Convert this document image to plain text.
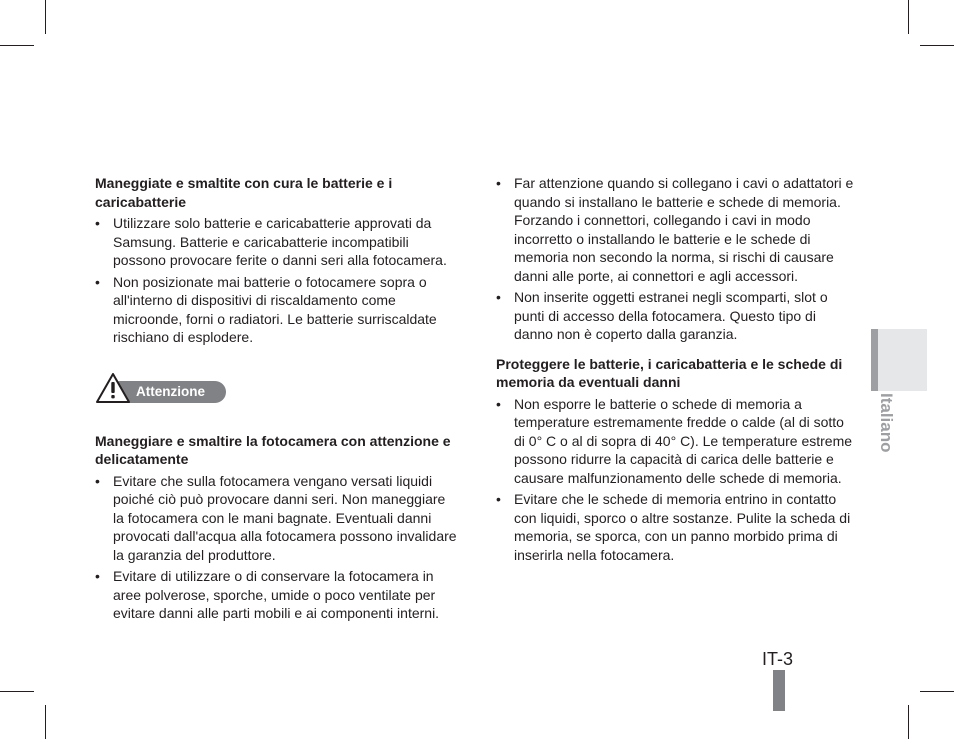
Maneggiate e smaltite con cura le batterie e i caricabatterie
• Utilizzare solo batterie e caricabatterie approvati da Samsung. Batterie e caricabatterie incompatibili possono provocare ferite o danni seri alla fotocamera.
• Non posizionate mai batterie o fotocamere sopra o all'interno di dispositivi di riscaldamento come microonde, forni o radiatori. Le batterie surriscaldate rischiano di esplodere.
Attenzione
Maneggiare e smaltire la fotocamera con attenzione e delicatamente
• Evitare che sulla fotocamera vengano versati liquidi poiché ciò può provocare danni seri. Non maneggiare la fotocamera con le mani bagnate. Eventuali danni provocati dall'acqua alla fotocamera possono invalidare la garanzia del produttore.
• Evitare di utilizzare o di conservare la fotocamera in aree polverose, sporche, umide o poco ventilate per evitare danni alle parti mobili e ai componenti interni.
• Far attenzione quando si collegano i cavi o adattatori e quando si installano le batterie e schede di memoria. Forzando i connettori, collegando i cavi in modo incorretto o installando le batterie e le schede di memoria non secondo la norma, si rischi di causare danni alle porte, ai connettori e agli accessori.
• Non inserite oggetti estranei negli scomparti, slot o punti di accesso della fotocamera. Questo tipo di danno non è coperto dalla garanzia.
Proteggere le batterie, i caricabatteria e le schede di memoria da eventuali danni
• Non esporre le batterie o schede di memoria a temperature estremamente fredde o calde (al di sotto di 0° C o al di sopra di 40° C). Le temperature estreme possono ridurre la capacità di carica delle batterie e causare malfunzionamento delle schede di memoria.
• Evitare che le schede di memoria entrino in contatto con liquidi, sporco o altre sostanze. Pulite la scheda di memoria, se sporca, con un panno morbido prima di inserirla nella fotocamera.
Italiano
IT-3
